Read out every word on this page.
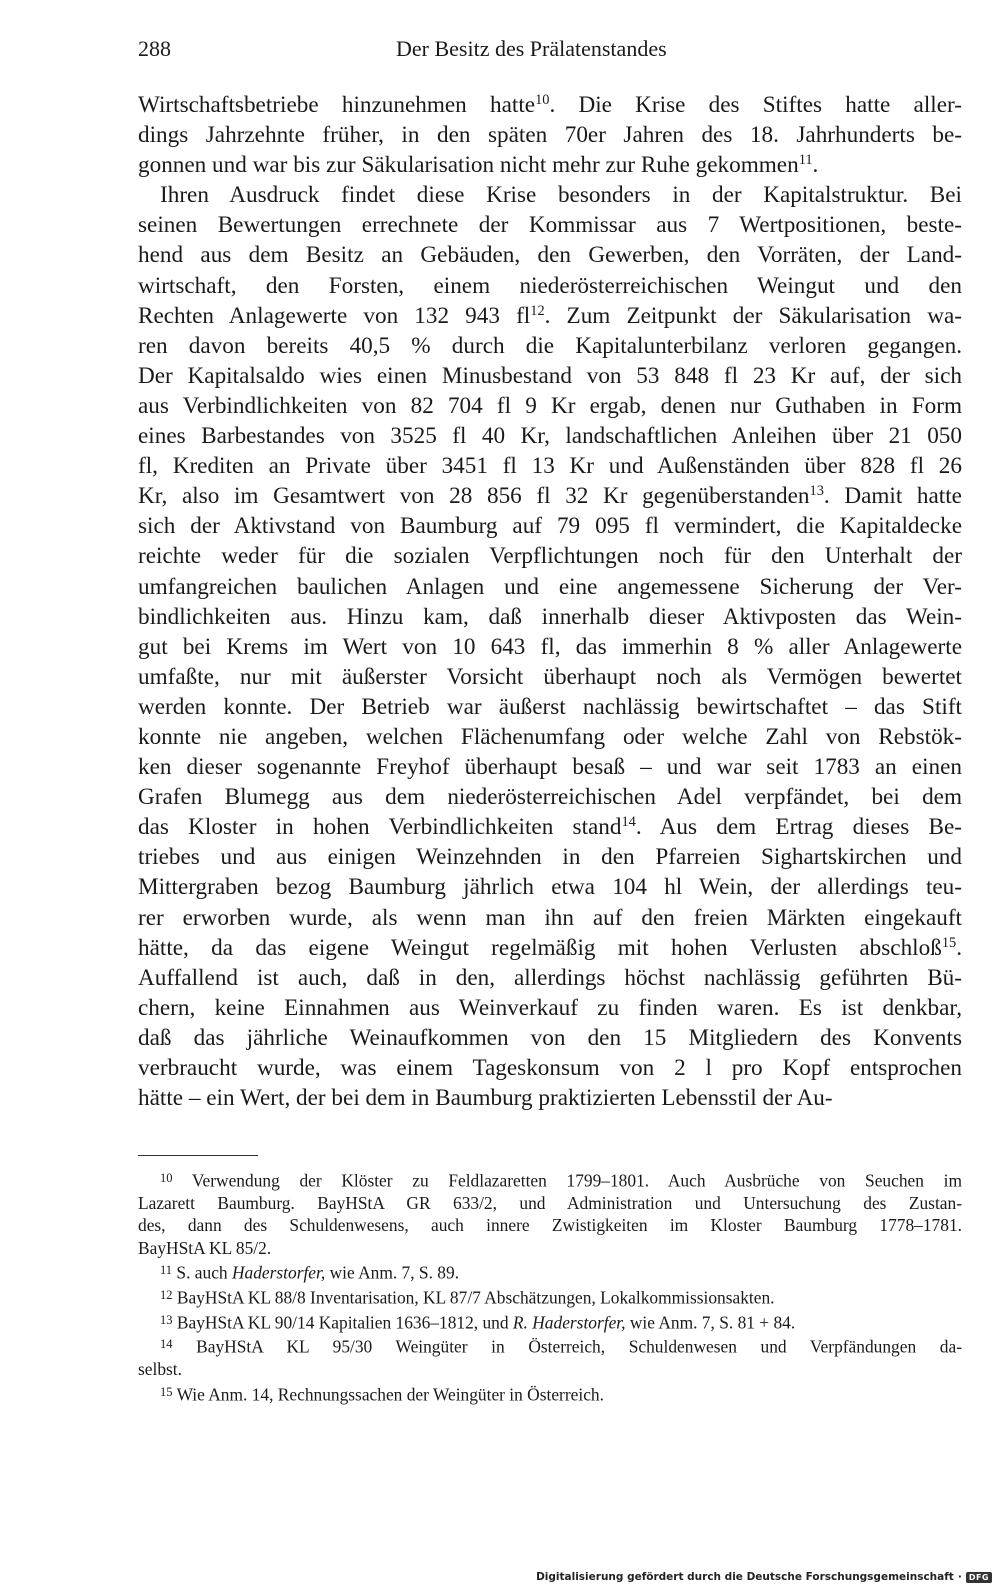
288	Der Besitz des Prälatenstandes
Wirtschaftsbetriebe hinzunehmen hatte$^{10}$. Die Krise des Stiftes hatte aller-
dings Jahrzehnte früher, in den späten 70er Jahren des 18. Jahrhunderts be-
gonnen und war bis zur Säkularisation nicht mehr zur Ruhe gekommen$^{11}$.
Ihren Ausdruck findet diese Krise besonders in der Kapitalstruktur. Bei
seinen Bewertungen errechnete der Kommissar aus 7 Wertpositionen, beste-
hend aus dem Besitz an Gebäuden, den Gewerben, den Vorräten, der Land-
wirtschaft, den Forsten, einem niederösterreichischen Weingut und den
Rechten Anlagewerte von 132 943 $fl^{12}$. Zum Zeitpunkt der Säkularisation wa-
ren davon bereits 40,5 % durch die Kapitalunterbilanz verloren gegangen.
Der Kapitalsaldo wies einen Minusbestand von 53 848 fl 23 Kr auf, der sich
aus Verbindlichkeiten von 82 704 fl 9 Kr ergab, denen nur Guthaben in Form
eines Barbestandes von 3525 fl 40 Kr, landschaftlichen Anleihen über 21 050
fl, Krediten an Private über 3451 fl 13 Kr und Außenständen über 828 fl 26
Kr, also im Gesamtwert von 28 856 fl 32 Kr gegenüberstanden$^{13}$. Damit hatte
sich der Aktivstand von Baumburg auf 79 095 fl vermindert, die Kapitaldecke
reichte weder für die sozialen Verpflichtungen noch für den Unterhalt der
umfangreichen baulichen Anlagen und eine angemessene Sicherung der Ver-
bindlichkeiten aus. Hinzu kam, daß innerhalb dieser Aktivposten das Wein-
gut bei Krems im Wert von 10 643 fl, das immerhin 8 % aller Anlagewerte
umfaßte, nur mit äußerster Vorsicht überhaupt noch als Vermögen bewertet
werden konnte. Der Betrieb war äußerst nachlässig bewirtschaftet – das Stift
konnte nie angeben, welchen Flächenumfang oder welche Zahl von Rebstök-
ken dieser sogenannte Freyhof überhaupt besaß – und war seit 1783 an einen
Grafen Blumegg aus dem niederösterreichischen Adel verpfändet, bei dem
das Kloster in hohen Verbindlichkeiten stand$^{14}$. Aus dem Ertrag dieses Be-
triebes und aus einigen Weinzehnden in den Pfarreien Sighartskirchen und
Mittergraben bezog Baumburg jährlich etwa 104 hl Wein, der allerdings teu-
rer erworben wurde, als wenn man ihn auf den freien Märkten eingekauft
hätte, da das eigene Weingut regelmäßig mit hohen Verlusten abschloß$^{15}$.
Auffallend ist auch, daß in den, allerdings höchst nachlässig geführten Bü-
chern, keine Einnahmen aus Weinverkauf zu finden waren. Es ist denkbar,
daß das jährliche Weinaufkommen von den 15 Mitgliedern des Konvents
verbraucht wurde, was einem Tageskonsum von 2 l pro Kopf entsprochen
hätte – ein Wert, der bei dem in Baumburg praktizierten Lebensstil der Au-
$^{10}$ Verwendung der Klöster zu Feldlazaretten 1799–1801. Auch Ausbrüche von Seuchen im
Lazarett Baumburg. BayHStA GR 633/2, und Administration und Untersuchung des Zustan-
des, dann des Schuldenwesens, auch innere Zwistigkeiten im Kloster Baumburg 1778–1781.
BayHStA KL 85/2.
$^{11}$ S. auch Haderstorfer, wie Anm. 7, S. 89.
$^{12}$ BayHStA KL 88/8 Inventarisation, KL 87/7 Abschätzungen, Lokalkommissionsakten.
$^{13}$ BayHStA KL 90/14 Kapitalien 1636–1812, und R. Haderstorfer, wie Anm. 7, S. 81 + 84.
$^{14}$ BayHStA KL 95/30 Weingüter in Österreich, Schuldenwesen und Verpfändungen da-
selbst.
$^{15}$ Wie Anm. 14, Rechnungssachen der Weingüter in Österreich.
Digitalisierung gefördert durch die Deutsche Forschungsgemeinschaft · DFG
